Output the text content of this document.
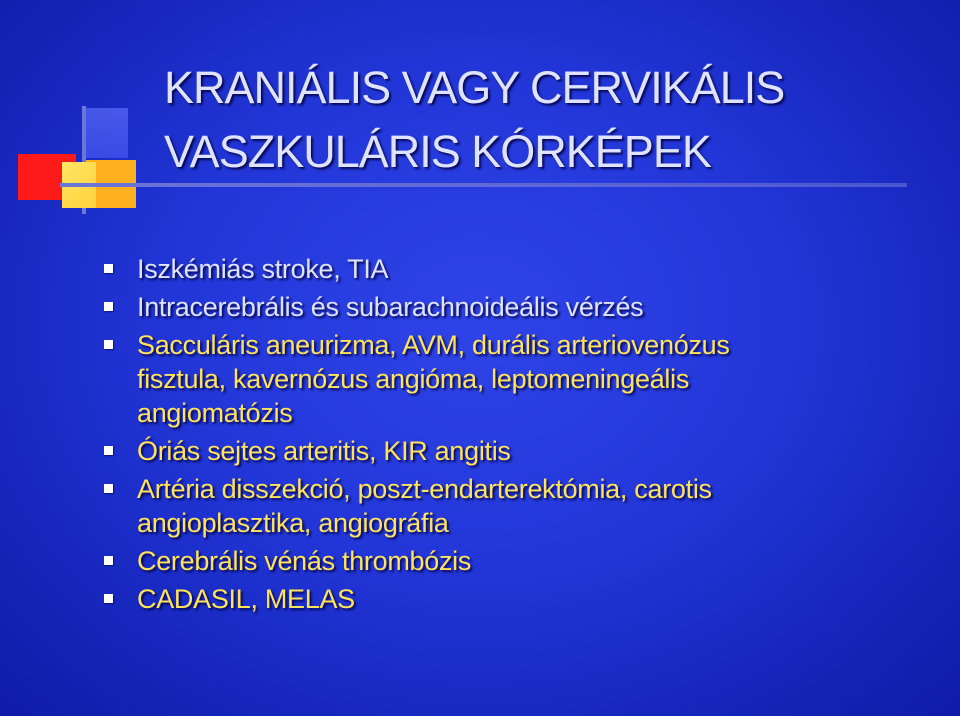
KRANIÁLIS VAGY CERVIKÁLIS
VASZKULÁRIS KÓRKÉPEK
Iszkémiás stroke, TIA
Intracerebrális és subarachnoideális vérzés
Sacculáris aneurizma, AVM, durális arteriovenózus
fisztula, kavernózus angióma, leptomeningeális
angiomatózis
Óriás sejtes arteritis, KIR angitis
Artéria disszekció, poszt-endarterektómia, carotis
angioplasztika, angiográfia
Cerebrális vénás thrombózis
CADASIL, MELAS
